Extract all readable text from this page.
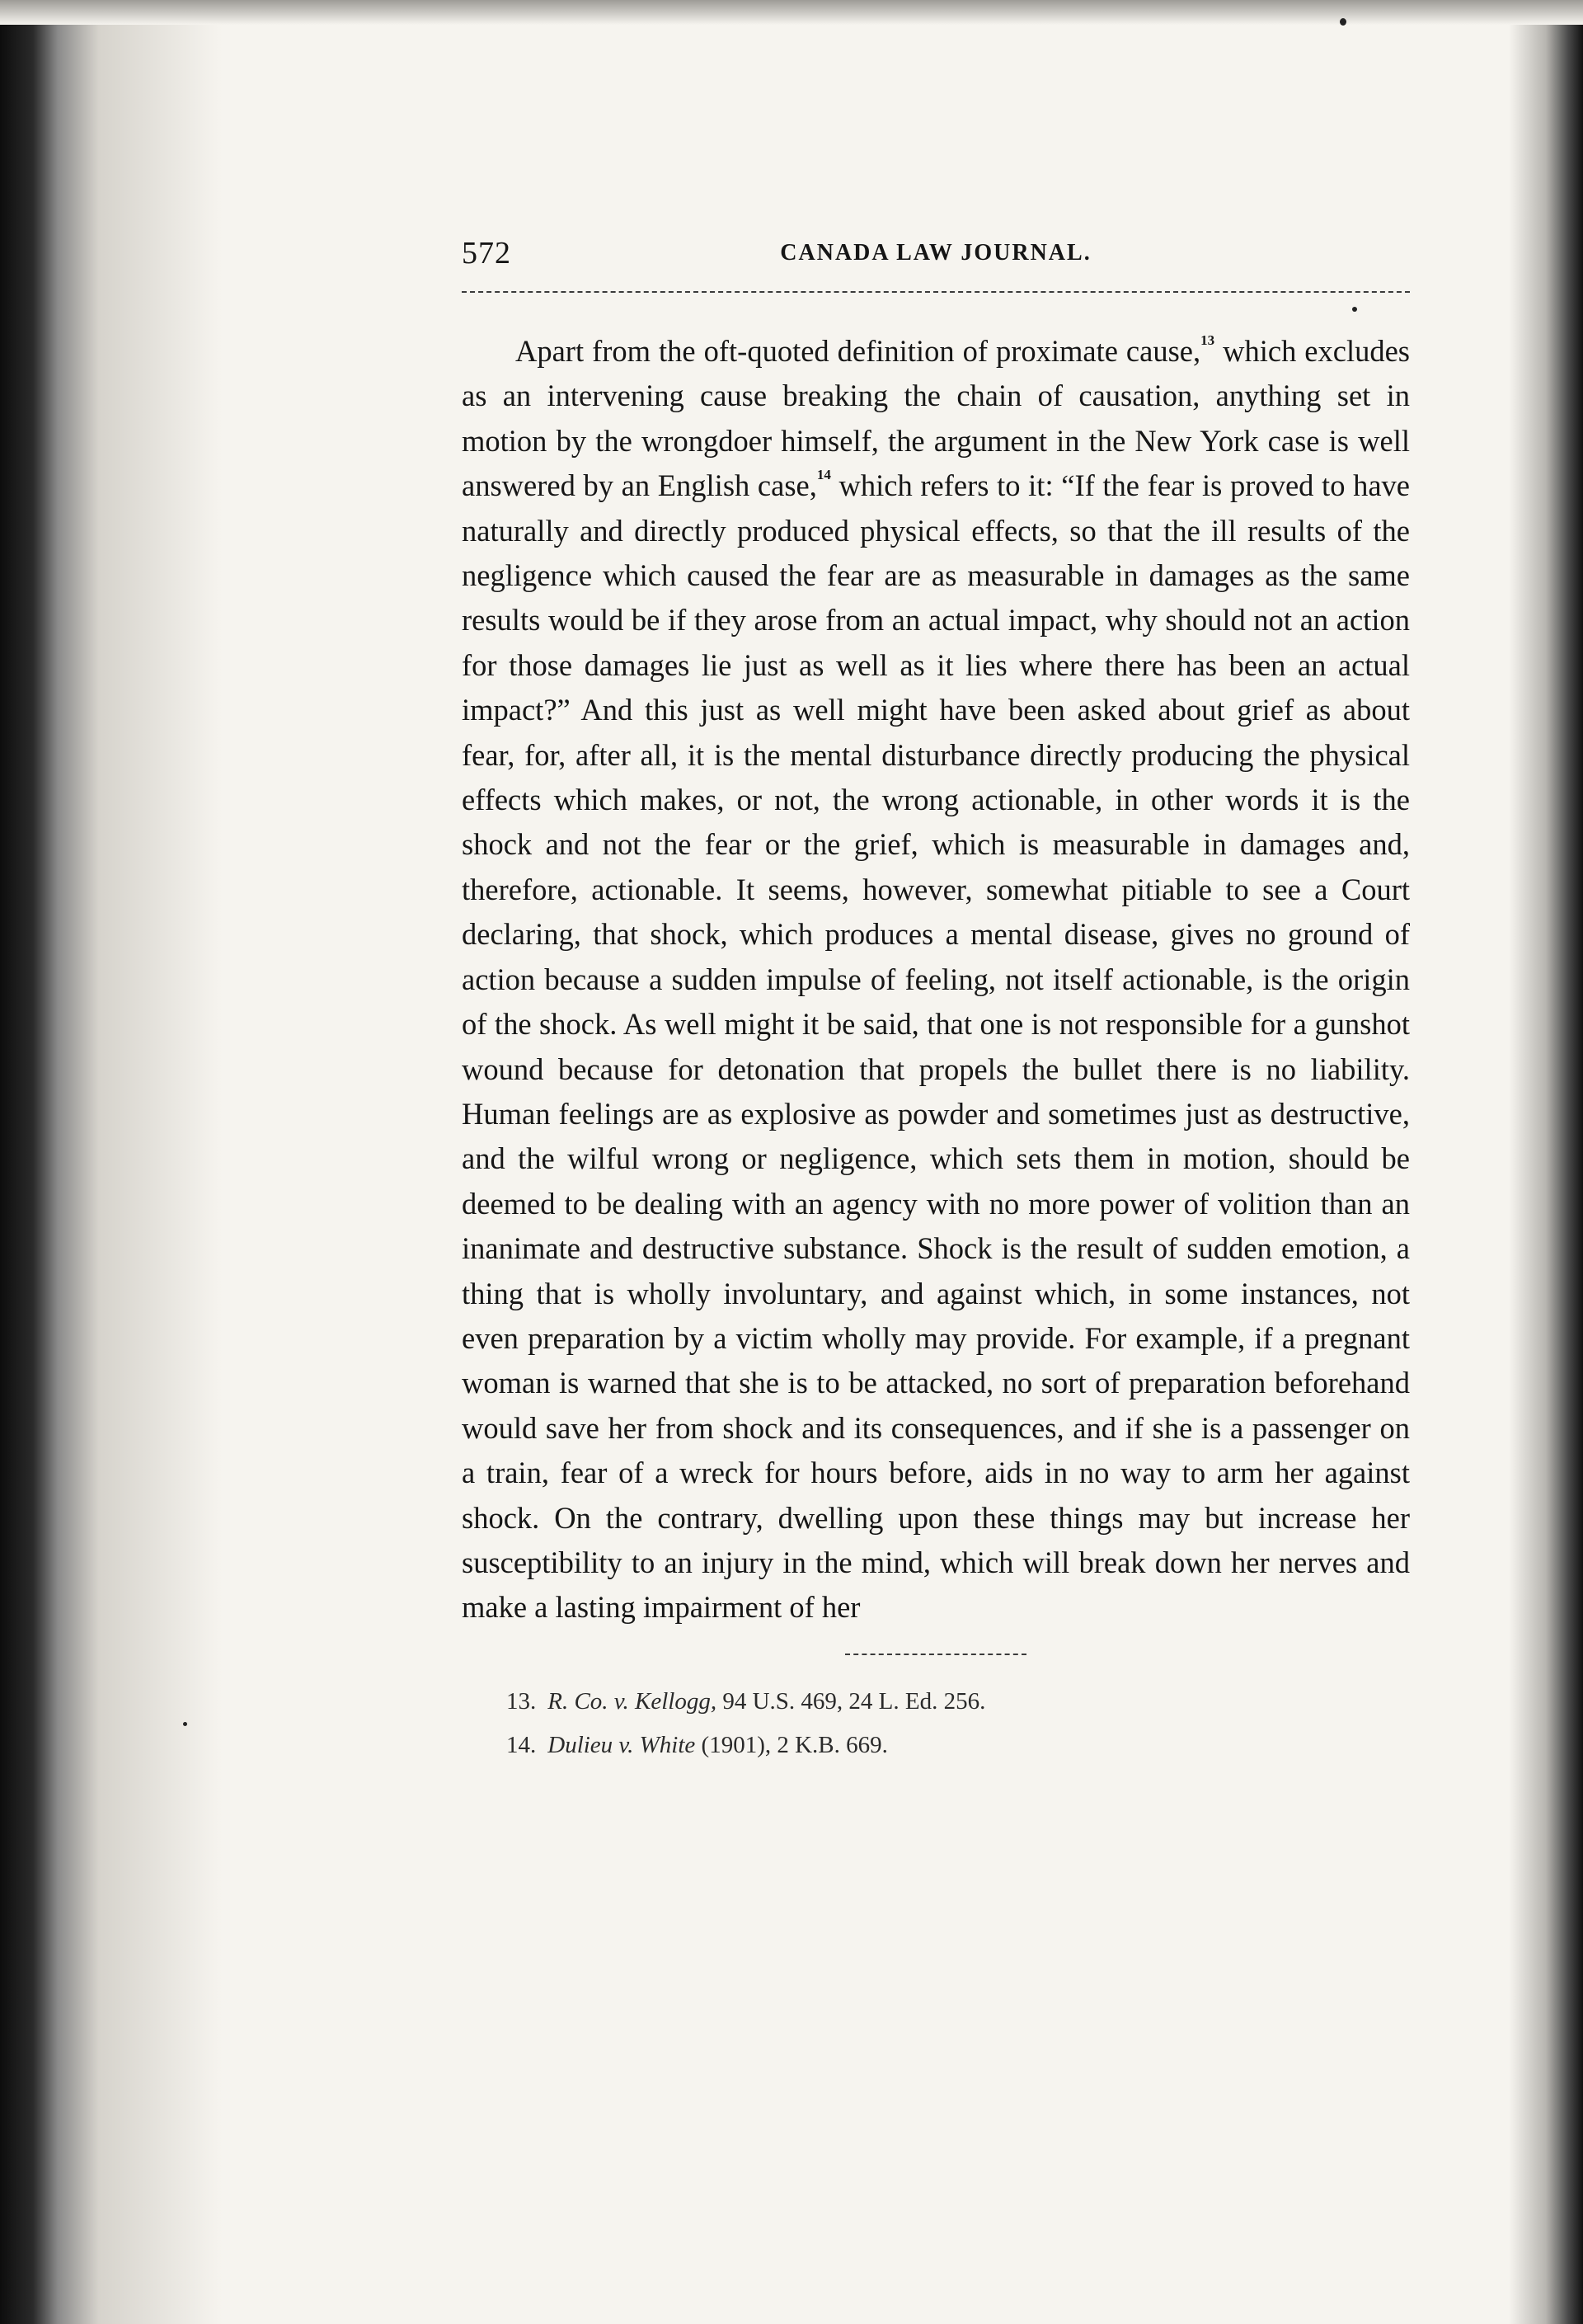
572	CANADA LAW JOURNAL.

Apart from the oft-quoted definition of proximate cause,$^{13}$ which excludes as an intervening cause breaking the chain of causation, anything set in motion by the wrongdoer himself, the argument in the New York case is well answered by an English case,$^{14}$ which refers to it: “If the fear is proved to have naturally and directly produced physical effects, so that the ill results of the negligence which caused the fear are as measurable in damages as the same results would be if they arose from an actual impact, why should not an action for those damages lie just as well as it lies where there has been an actual impact?” And this just as well might have been asked about grief as about fear, for, after all, it is the mental disturbance directly producing the physical effects which makes, or not, the wrong actionable, in other words it is the shock and not the fear or the grief, which is measurable in damages and, therefore, actionable. It seems, however, somewhat pitiable to see a Court declaring, that shock, which produces a mental disease, gives no ground of action because a sudden impulse of feeling, not itself actionable, is the origin of the shock. As well might it be said, that one is not responsible for a gunshot wound because for detonation that propels the bullet there is no liability. Human feelings are as explosive as powder and sometimes just as destructive, and the wilful wrong or negligence, which sets them in motion, should be deemed to be dealing with an agency with no more power of volition than an inanimate and destructive substance. Shock is the result of sudden emotion, a thing that is wholly involuntary, and against which, in some instances, not even preparation by a victim wholly may provide. For example, if a pregnant woman is warned that she is to be attacked, no sort of preparation beforehand would save her from shock and its consequences, and if she is a passenger on a train, fear of a wreck for hours before, aids in no way to arm her against shock. On the contrary, dwelling upon these things may but increase her susceptibility to an injury in the mind, which will break down her nerves and make a lasting impairment of her

13. R. Co. v. Kellogg, 94 U.S. 469, 24 L. Ed. 256.
14. Dulieu v. White (1901), 2 K.B. 669.
